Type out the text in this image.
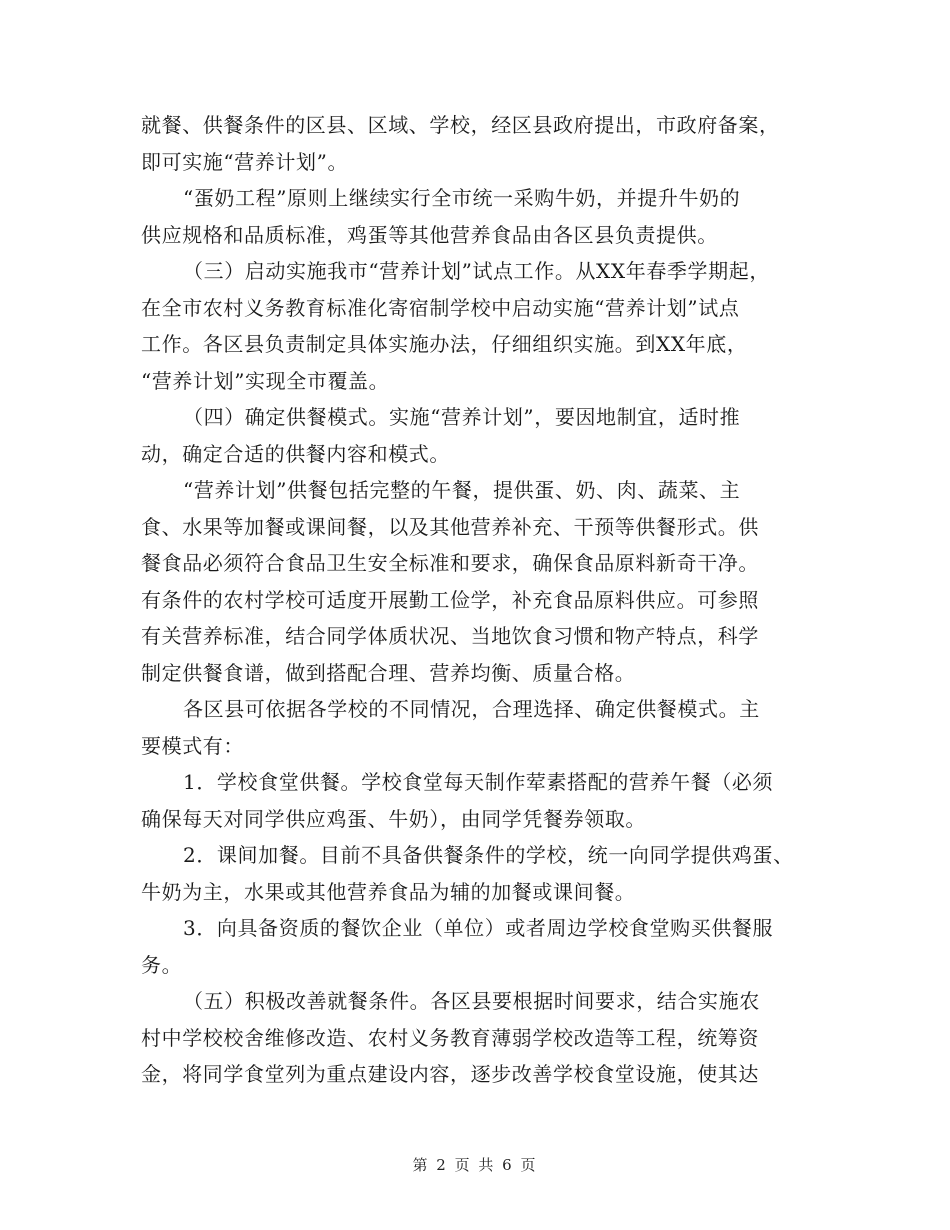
就餐、供餐条件的区县、区域、学校，经区县政府提出，市政府备案，
即可实施“营养计划”。
“蛋奶工程”原则上继续实行全市统一采购牛奶，并提升牛奶的
供应规格和品质标准，鸡蛋等其他营养食品由各区县负责提供。
（三）启动实施我市“营养计划”试点工作。从XX年春季学期起，
在全市农村义务教育标准化寄宿制学校中启动实施“营养计划”试点
工作。各区县负责制定具体实施办法，仔细组织实施。到XX年底，
“营养计划”实现全市覆盖。
（四）确定供餐模式。实施“营养计划”，要因地制宜，适时推
动，确定合适的供餐内容和模式。
“营养计划”供餐包括完整的午餐，提供蛋、奶、肉、蔬菜、主
食、水果等加餐或课间餐，以及其他营养补充、干预等供餐形式。供
餐食品必须符合食品卫生安全标准和要求，确保食品原料新奇干净。
有条件的农村学校可适度开展勤工俭学，补充食品原料供应。可参照
有关营养标准，结合同学体质状况、当地饮食习惯和物产特点，科学
制定供餐食谱，做到搭配合理、营养均衡、质量合格。
各区县可依据各学校的不同情况，合理选择、确定供餐模式。主
要模式有：
1．学校食堂供餐。学校食堂每天制作荤素搭配的营养午餐（必须
确保每天对同学供应鸡蛋、牛奶），由同学凭餐券领取。
2．课间加餐。目前不具备供餐条件的学校，统一向同学提供鸡蛋、
牛奶为主，水果或其他营养食品为辅的加餐或课间餐。
3．向具备资质的餐饮企业（单位）或者周边学校食堂购买供餐服
务。
（五）积极改善就餐条件。各区县要根据时间要求，结合实施农
村中学校校舍维修改造、农村义务教育薄弱学校改造等工程，统筹资
金，将同学食堂列为重点建设内容，逐步改善学校食堂设施，使其达
第 2 页 共 6 页
